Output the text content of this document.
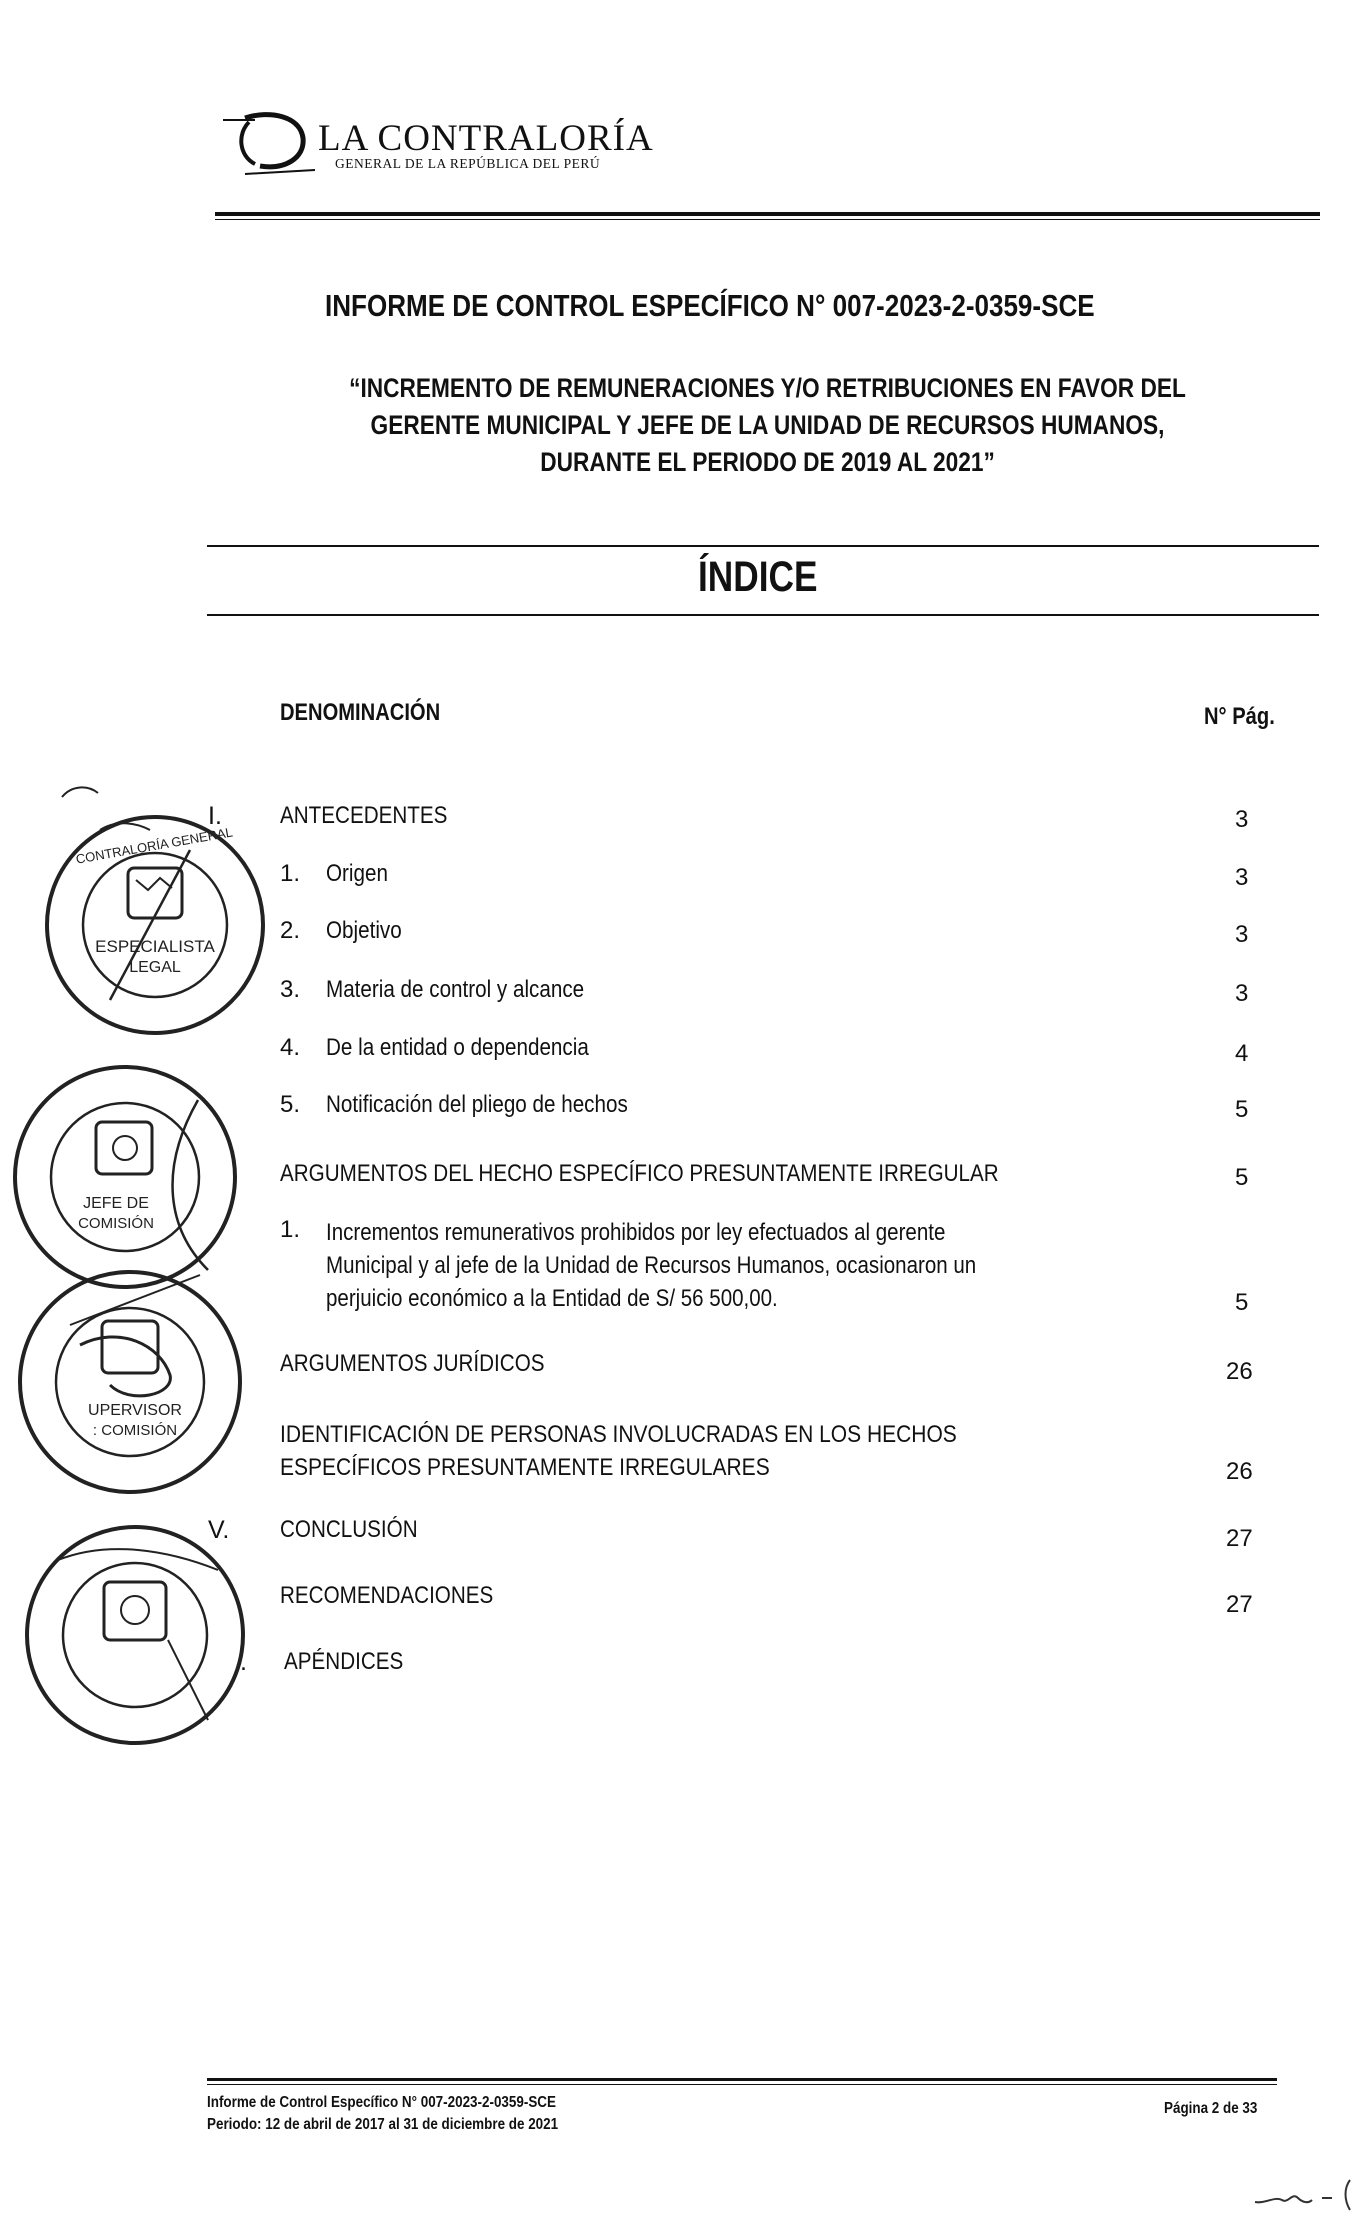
LA CONTRALORÍA
GENERAL DE LA REPÚBLICA DEL PERÚ
INFORME DE CONTROL ESPECÍFICO N° 007-2023-2-0359-SCE
“INCREMENTO DE REMUNERACIONES Y/O RETRIBUCIONES EN FAVOR DEL
GERENTE MUNICIPAL Y JEFE DE LA UNIDAD DE RECURSOS HUMANOS,
DURANTE EL PERIODO DE 2019 AL 2021”
ÍNDICE
DENOMINACIÓN	N° Pág.
I. ANTECEDENTES	3
1. Origen	3
2. Objetivo	3
3. Materia de control y alcance	3
4. De la entidad o dependencia	4
5. Notificación del pliego de hechos	5
ARGUMENTOS DEL HECHO ESPECÍFICO PRESUNTAMENTE IRREGULAR	5
1. Incrementos remunerativos prohibidos por ley efectuados al gerente
Municipal y al jefe de la Unidad de Recursos Humanos, ocasionaron un
perjuicio económico a la Entidad de S/ 56 500,00.	5
ARGUMENTOS JURÍDICOS	26
IDENTIFICACIÓN DE PERSONAS INVOLUCRADAS EN LOS HECHOS
ESPECÍFICOS PRESUNTAMENTE IRREGULARES	26
V. CONCLUSIÓN	27
RECOMENDACIONES	27
. APÉNDICES
ESPECIALISTA
LEGAL
CONTRALORÍA GENERAL
JEFE DE
COMISIÓN
UPERVISOR
: COMISIÓN
Informe de Control Específico N° 007-2023-2-0359-SCE
Periodo: 12 de abril de 2017 al 31 de diciembre de 2021
Página 2 de 33
